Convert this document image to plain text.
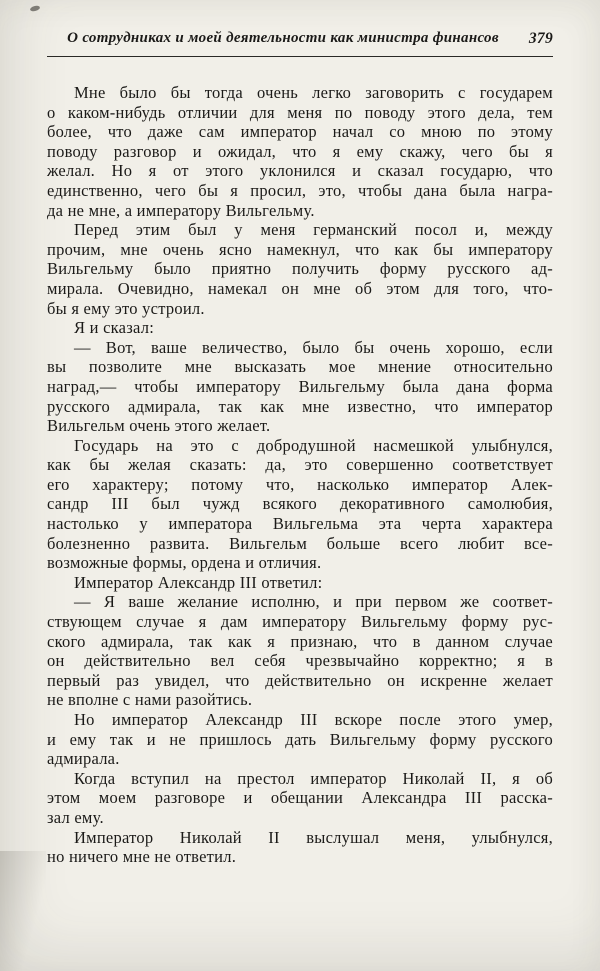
О сотрудниках и моей деятельности как министра финансов	379
Мне было бы тогда очень легко заговорить с государем
о каком-нибудь отличии для меня по поводу этого дела, тем
более, что даже сам император начал со мною по этому
поводу разговор и ожидал, что я ему скажу, чего бы я
желал. Но я от этого уклонился и сказал государю, что
единственно, чего бы я просил, это, чтобы дана была награ-
да не мне, а императору Вильгельму.
Перед этим был у меня германский посол и, между
прочим, мне очень ясно намекнул, что как бы императору
Вильгельму было приятно получить форму русского ад-
мирала. Очевидно, намекал он мне об этом для того, что-
бы я ему это устроил.
Я и сказал:
— Вот, ваше величество, было бы очень хорошо, если
вы позволите мне высказать мое мнение относительно
наград,— чтобы императору Вильгельму была дана форма
русского адмирала, так как мне известно, что император
Вильгельм очень этого желает.
Государь на это с добродушной насмешкой улыбнулся,
как бы желая сказать: да, это совершенно соответствует
его характеру; потому что, насколько император Алек-
сандр III был чужд всякого декоративного самолюбия,
настолько у императора Вильгельма эта черта характера
болезненно развита. Вильгельм больше всего любит все-
возможные формы, ордена и отличия.
Император Александр III ответил:
— Я ваше желание исполню, и при первом же соответ-
ствующем случае я дам императору Вильгельму форму рус-
ского адмирала, так как я признаю, что в данном случае
он действительно вел себя чрезвычайно корректно; я в
первый раз увидел, что действительно он искренне желает
не вполне с нами разойтись.
Но император Александр III вскоре после этого умер,
и ему так и не пришлось дать Вильгельму форму русского
адмирала.
Когда вступил на престол император Николай II, я об
этом моем разговоре и обещании Александра III расска-
зал ему.
Император Николай II выслушал меня, улыбнулся,
но ничего мне не ответил.
